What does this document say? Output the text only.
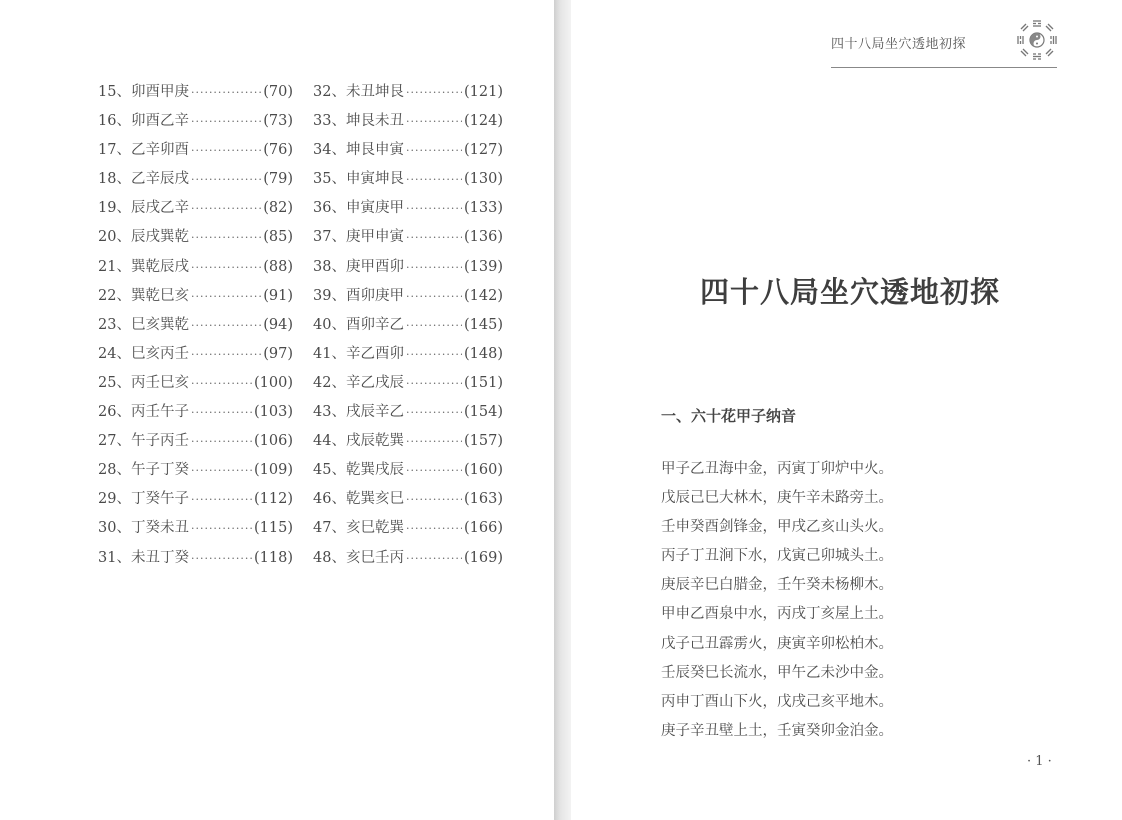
15、卯酉甲庚 ·····	(70)
16、卯酉乙辛 ·····	(73)
17、乙辛卯酉 ·····	(76)
18、乙辛辰戌 ·····	(79)
19、辰戌乙辛 ·····	(82)
20、辰戌巽乾 ·····	(85)
21、巽乾辰戌 ·····	(88)
22、巽乾巳亥 ·····	(91)
23、巳亥巽乾 ·····	(94)
24、巳亥丙壬 ·····	(97)
25、丙壬巳亥 ·····	(100)
26、丙壬午子 ·····	(103)
27、午子丙壬 ·····	(106)
28、午子丁癸 ·····	(109)
29、丁癸午子 ·····	(112)
30、丁癸未丑 ·····	(115)
31、未丑丁癸 ·····	(118)
32、未丑坤艮 ·····	(121)
33、坤艮未丑 ·····	(124)
34、坤艮申寅 ·····	(127)
35、申寅坤艮 ·····	(130)
36、申寅庚甲 ·····	(133)
37、庚甲申寅 ·····	(136)
38、庚甲酉卯 ·····	(139)
39、酉卯庚甲 ·····	(142)
40、酉卯辛乙 ·····	(145)
41、辛乙酉卯 ·····	(148)
42、辛乙戌辰 ·····	(151)
43、戌辰辛乙 ·····	(154)
44、戌辰乾巽 ·····	(157)
45、乾巽戌辰 ·····	(160)
46、乾巽亥巳 ·····	(163)
47、亥巳乾巽 ·····	(166)
48、亥巳壬丙 ·····	(169)
四十八局坐穴透地初探
四十八局坐穴透地初探
一、六十花甲子纳音
甲子乙丑海中金，丙寅丁卯炉中火。
戊辰己巳大林木，庚午辛未路旁土。
壬申癸酉剑锋金，甲戌乙亥山头火。
丙子丁丑涧下水，戊寅己卯城头土。
庚辰辛巳白腊金，壬午癸未杨柳木。
甲申乙酉泉中水，丙戌丁亥屋上土。
戊子己丑霹雳火，庚寅辛卯松柏木。
壬辰癸巳长流水，甲午乙未沙中金。
丙申丁酉山下火，戊戌己亥平地木。
庚子辛丑壁上土，壬寅癸卯金泊金。
· 1 ·
